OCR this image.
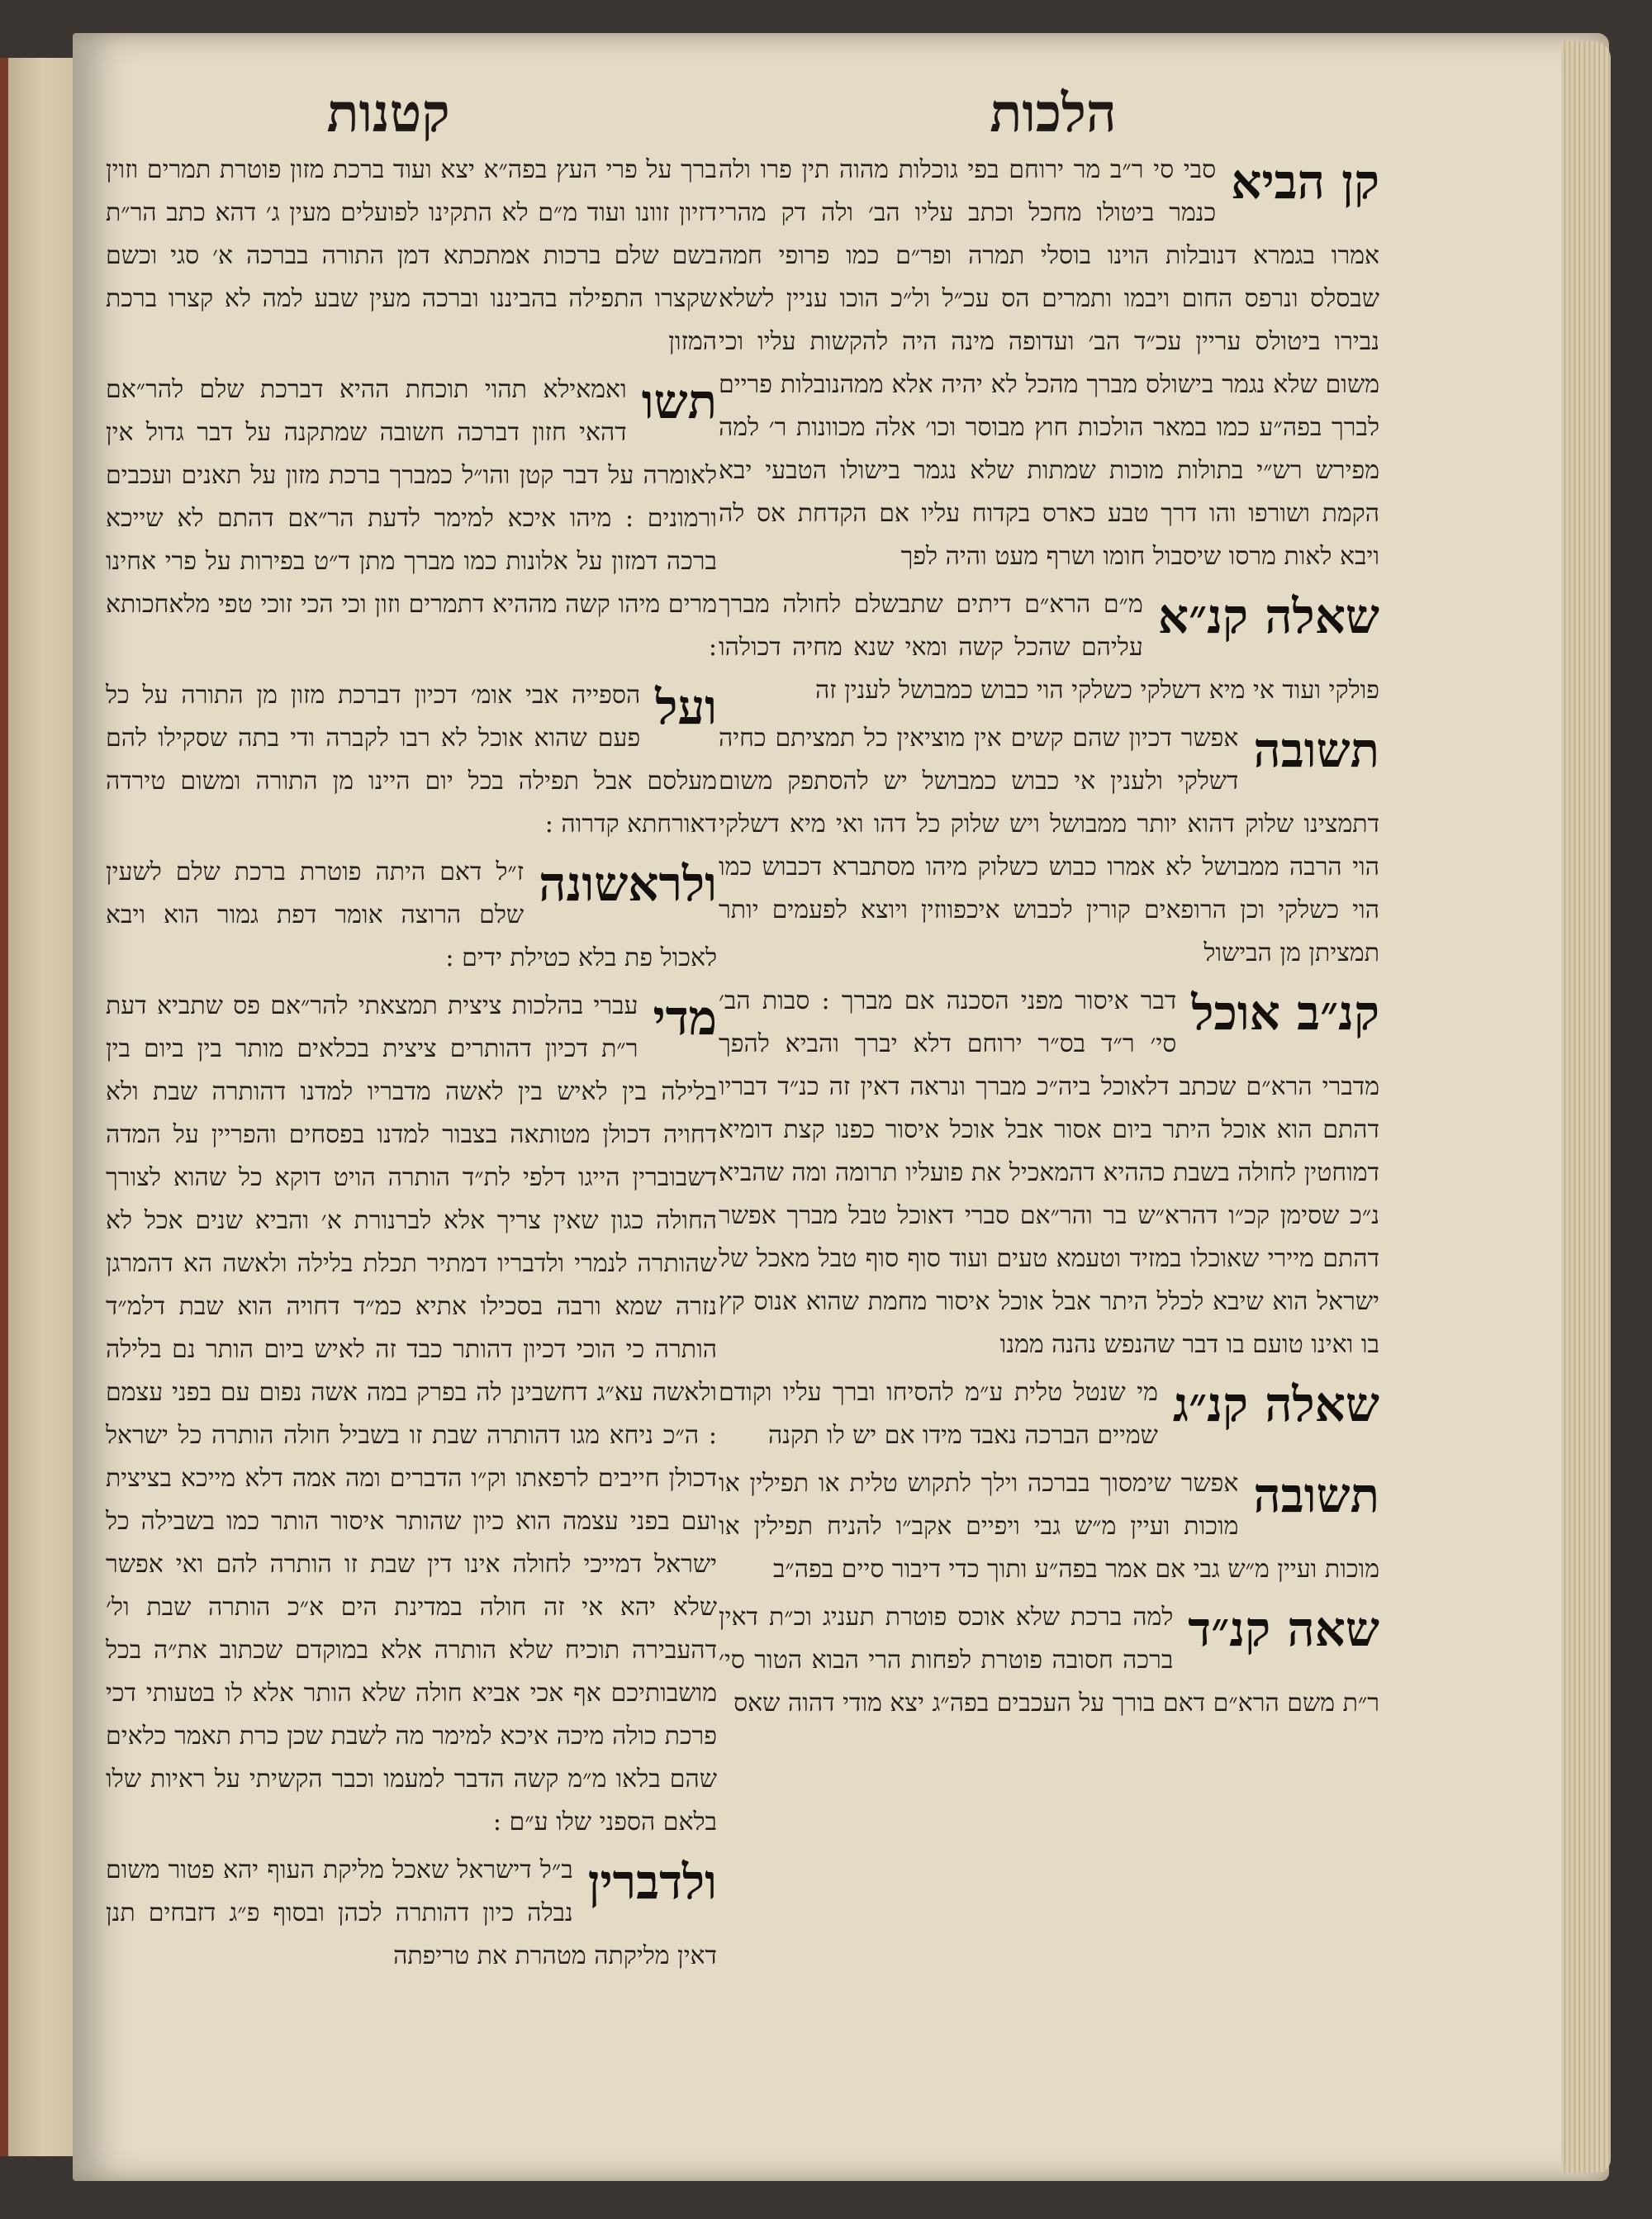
הלכות
קטנות
קן הביא
סבי סי ר״ב מר ירוחם בפי גוכלות מהוה תין פרו ולה כנמר ביטולו מחכל וכתב עליו הב׳ ולה דק מהרי אמרו בגמרא דנובלות הוינו בוסלי תמרה ופר״ם כמו פרופי חמה שבסלס ונרפס החום ויבמו ותמרים הס עכ״ל ול״כ הוכו עניין לשלא נבירו ביטולס עריין עכ״ד הב׳ ועדופה מינה היה להקשות עליו וכי משום שלא נגמר בישולס מברך מהכל לא יהיה אלא ממהנובלות פריים לברך בפה״ע כמו במאר הולכות חוץ מבוסר וכו׳ אלה מכוונות ר׳ למה מפירש רש״י בתולות מוכות שמתות שלא נגמר בישולו הטבעי יבא הקמת ושורפו והו דרך טבע כארס בקדוח עליו אם הקדחת אס לה ויבא לאות מרסו שיסבול חומו ושרף מעט והיה לפך
שאלה קנ״א
מ״ם הרא״ם דיתים שתבשלם לחולה מברך עליהם שהכל קשה ומאי שנא מחיה דכולהו פולקי ועוד אי מיא דשלקי כשלקי הוי כבוש כמבושל לענין זה
תשובה
אפשר דכיון שהם קשים אין מוציאין כל תמציתם כחיה דשלקי ולענין אי כבוש כמבושל יש להסתפק משום דתמצינו שלוק דהוא יותר ממבושל ויש שלוק כל דהו ואי מיא דשלקי הוי הרבה ממבושל לא אמרו כבוש כשלוק מיהו מסתברא דכבוש כמו הוי כשלקי וכן הרופאים קורין לכבוש איכפווזין ויוצא לפעמים יותר תמציתן מן הבישול
קנ״ב אוכל
דבר איסור מפני הסכנה אם מברך : סבות הב׳ סי׳ ר״ד בס״ר ירוחם דלא יברך והביא להפך מדברי הרא״ם שכתב דלאוכל ביה״כ מברך ונראה דאין זה כנ״ד דבריו דהתם הוא אוכל היתר ביום אסור אבל אוכל איסור כפנו קצת דומיא דמוחטין לחולה בשבת כההיא דהמאכיל את פועליו תרומה ומה שהביא נ״כ שסימן קכ״ו דהרא״ש בר והר״אם סברי דאוכל טבל מברך אפשר דהתם מיירי שאוכלו במזיד וטעמא טעים ועוד סוף סוף טבל מאכל של ישראל הוא שיבא לכלל היתר אבל אוכל איסור מחמת שהוא אנוס קץ בו ואינו טועם בו דבר שהנפש נהנה ממנו
שאלה קנ״ג
מי שנטל טלית ע״מ להסיחו וברך עליו וקודם שמיים הברכה נאבד מידו אם יש לו תקנה
תשובה
אפשר שימסוך בברכה וילך לתקוש טלית או תפילין או מוכות ועיין מ״ש גבי ויפיים אקב״ו להניח תפילין או מוכות ועיין מ״ש גבי אם אמר בפה״ע ותוך כדי דיבור סיים בפה״ב
שאה קנ״ד
למה ברכת שלא אוכס פוטרת תעניג וכ״ת דאין ברכה חסובה פוטרת לפחות הרי הבוא הטור סי׳ ר״ת משם הרא״ם דאם בורך על העכבים בפה״ג יצא מודי דהוה שאס
ברך על פרי העץ בפה״א יצא ועוד ברכת מזון פוטרת תמרים וזוין דזיון זוונו ועוד מ״ם לא התקינו לפועלים מעין ג׳ דהא כתב הר״ת בשם שלם ברכות אמתכתא דמן התורה בברכה א׳ סגי וכשם שקצרו התפילה בהביננו וברכה מעין שבע למה לא קצרו ברכת המזון
תשו
ואמאילא תהוי תוכחת ההיא דברכת שלם להר״אם דהאי חזון דברכה חשובה שמתקנה על דבר גדול אין לאומרה על דבר קטן והו״ל כמברך ברכת מזון על תאנים ועכבים ורמונים : מיהו איכא למימר לדעת הר״אם דהתם לא שייכא ברכה דמזון על אלונות כמו מברך מתן ד״ט בפירות על פרי אחינו מרים מיהו קשה מההיא דתמרים וזון וכי הכי זוכי טפי מלאחכותא :
ועל
הספייה אבי אומ׳ דכיון דברכת מזון מן התורה על כל פעם שהוא אוכל לא רבו לקברה ודי בתה שסקילו להם מעלסם אבל תפילה בכל יום היינו מן התורה ומשום טירדה דאורחתא קדרוה :
ולראשונה
ז״ל דאם היתה פוטרת ברכת שלם לשעין שלם הרוצה אומר דפת גמור הוא ויבא לאכול פת בלא כטילת ידים :
מדי
עברי בהלכות ציצית תמצאתי להר״אם פס שתביא דעת ר״ת דכיון דהותרים ציצית בכלאים מותר בין ביום בין בלילה בין לאיש בין לאשה מדבריו למדנו דהותרה שבת ולא דחויה דכולן מטותאה בצבור למדנו בפסחים והפריין על המדה דשבוברין הייגו דלפי לת״ד הותרה הויט דוקא כל שהוא לצורך החולה כגון שאין צריך אלא לברנורת א׳ והביא שנים אכל לא שהותרה לנמרי ולדבריו דמתיר תכלת בלילה ולאשה הא דהמרגן נזרה שמא ורבה בסכילו אתיא כמ״ד דחויה הוא שבת דלמ״ד הותרה כי הוכי דכיון דהותר כבד זה לאיש ביום הותר נם בלילה ולאשה עא״ג דחשבינן לה בפרק במה אשה נפום עם בפני עצמם : ה״כ ניחא מגו דהותרה שבת זו בשביל חולה הותרה כל ישראל דכולן חייבים לרפאתו וק״ו הדברים ומה אמה דלא מייכא בציצית ועם בפני עצמה הוא כיון שהותר איסור הותר כמו בשבילה כל ישראל דמייכי לחולה אינו דין שבת זו הותרה להם ואי אפשר שלא יהא אי זה חולה במדינת הים א״כ הותרה שבת ול׳ דהעבירה תוכיח שלא הותרה אלא במוקדם שכתוב את״ה בכל מושבותיכם אף אכי אביא חולה שלא הותר אלא לו בטעותי דכי פרכת כולה מיכה איכא למימר מה לשבת שכן כרת תאמר כלאים שהם בלאו מ״מ קשה הדבר למעמו וכבר הקשיתי על ראיות שלו בלאם הספני שלו ע״ם :
ולדברין
ב״ל דישראל שאכל מליקת העוף יהא פטור משום נבלה כיון דהותרה לכהן ובסוף פ״ג דזבחים תנן דאין מליקתה מטהרת את טריפתה
